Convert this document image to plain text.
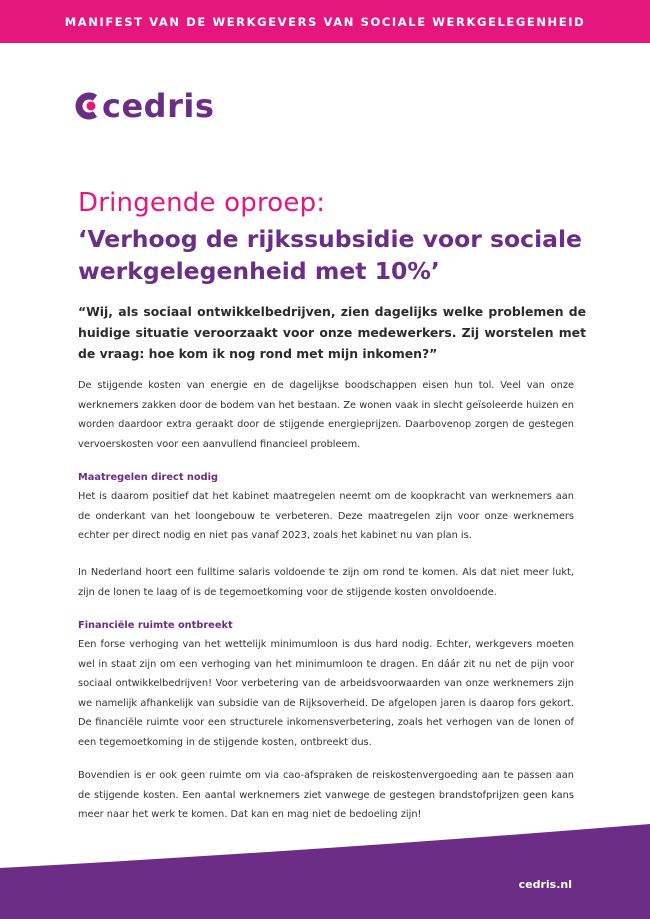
MANIFEST VAN DE WERKGEVERS VAN SOCIALE WERKGELEGENHEID
cedris
Dringende oproep:
‘Verhoog de rijkssubsidie voor sociale werkgelegenheid met 10%’
“Wij, als sociaal ontwikkelbedrijven, zien dagelijks welke problemen de huidige situatie veroorzaakt voor onze medewerkers. Zij worstelen met de vraag: hoe kom ik nog rond met mijn inkomen?”
De stijgende kosten van energie en de dagelijkse boodschappen eisen hun tol. Veel van onze werknemers zakken door de bodem van het bestaan. Ze wonen vaak in slecht geïsoleerde huizen en worden daardoor extra geraakt door de stijgende energieprijzen. Daarbovenop zorgen de gestegen vervoerskosten voor een aanvullend financieel probleem.
Maatregelen direct nodig
Het is daarom positief dat het kabinet maatregelen neemt om de koopkracht van werknemers aan de onderkant van het loongebouw te verbeteren. Deze maatregelen zijn voor onze werknemers echter per direct nodig en niet pas vanaf 2023, zoals het kabinet nu van plan is.
In Nederland hoort een fulltime salaris voldoende te zijn om rond te komen. Als dat niet meer lukt, zijn de lonen te laag of is de tegemoetkoming voor de stijgende kosten onvoldoende.
Financiële ruimte ontbreekt
Een forse verhoging van het wettelijk minimumloon is dus hard nodig. Echter, werkgevers moeten wel in staat zijn om een verhoging van het minimumloon te dragen. En dáár zit nu net de pijn voor sociaal ontwikkelbedrijven! Voor verbetering van de arbeidsvoorwaarden van onze werknemers zijn we namelijk afhankelijk van subsidie van de Rijksoverheid. De afgelopen jaren is daarop fors gekort. De financiële ruimte voor een structurele inkomensverbetering, zoals het verhogen van de lonen of een tegemoetkoming in de stijgende kosten, ontbreekt dus.
Bovendien is er ook geen ruimte om via cao-afspraken de reiskostenvergoeding aan te passen aan de stijgende kosten. Een aantal werknemers ziet vanwege de gestegen brandstofprijzen geen kans meer naar het werk te komen. Dat kan en mag niet de bedoeling zijn!
cedris.nl
